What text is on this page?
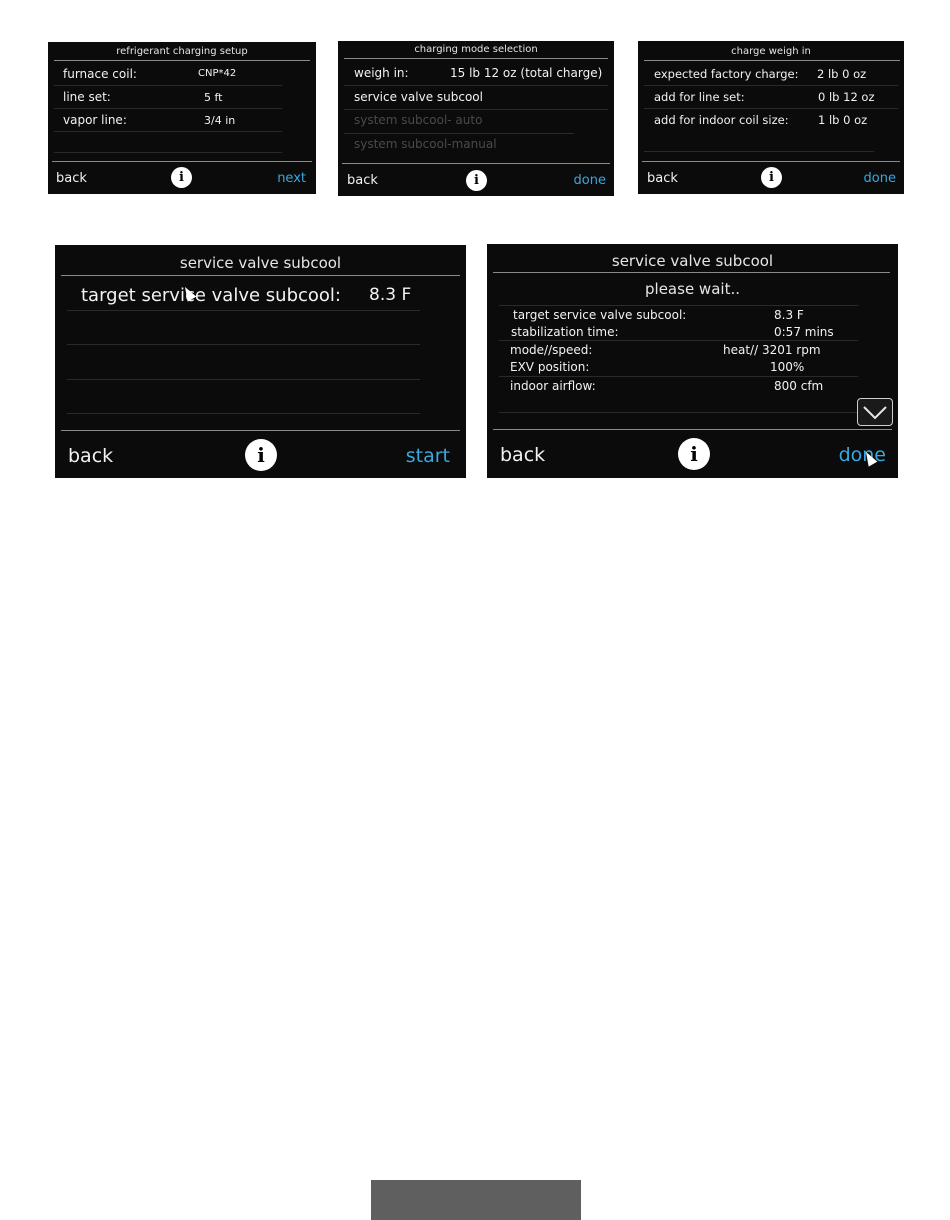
refrigerant charging setup
furnace coil:	CNP*42
line set:	5 ft
vapor line:	3/4 in
back	i	next
charging mode selection
weigh in:	15 lb 12 oz (total charge)
service valve subcool
system subcool- auto
system subcool-manual
back	i	done
charge weigh in
expected factory charge: 2 lb 0 oz
add for line set:	0 lb 12 oz
add for indoor coil size:	1 lb 0 oz
back	i	done
service valve subcool
target service valve subcool: 8.3 F
back	i	start
service valve subcool
please wait..
target service valve subcool:	8.3 F
stabilization time:	0:57 mins
mode//speed:	heat// 3201 rpm
EXV position:	100%
indoor airflow:	800 cfm
back	i	done
